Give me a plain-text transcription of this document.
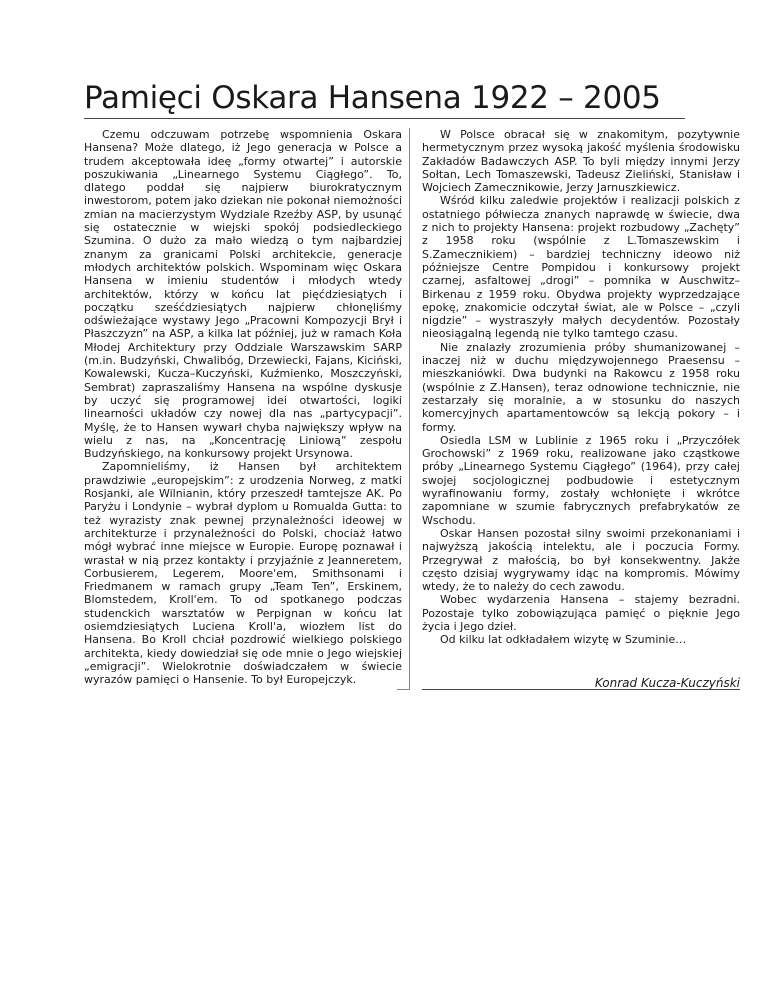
Pamięci Oskara Hansena 1922 – 2005

Czemu odczuwam potrzebę wspomnienia Oskara Hansena? Może dlatego, iż Jego generacja w Polsce a trudem akceptowała ideę „formy otwartej” i autorskie poszukiwania „Linearnego Systemu Ciągłego”. To, dlatego poddał się najpierw biurokratycznym inwestorom, potem jako dziekan nie pokonał niemożności zmian na macierzystym Wydziale Rzeźby ASP, by usunąć się ostatecznie w wiejski spokój podsiedleckiego Szumina. O dużo za mało wiedzą o tym najbardziej znanym za granicami Polski architekcie, generacje młodych architektów polskich. Wspominam więc Oskara Hansena w imieniu studentów i młodych wtedy architektów, którzy w końcu lat pięćdziesiątych i początku sześćdziesiątych najpierw chłonęliśmy odświeżające wystawy Jego „Pracowni Kompozycji Brył i Płaszczyzn” na ASP, a kilka lat później, już w ramach Koła Młodej Architektury przy Oddziale Warszawskim SARP (m.in. Budzyński, Chwalibóg, Drzewiecki, Fajans, Kiciński, Kowalewski, Kucza–Kuczyński, Kuźmienko, Moszczyński, Sembrat) zapraszaliśmy Hansena na wspólne dyskusje by uczyć się programowej idei otwartości, logiki linearności układów czy nowej dla nas „partycypacji”. Myślę, że to Hansen wywarł chyba największy wpływ na wielu z nas, na „Koncentrację Liniową” zespołu Budzyńskiego, na konkursowy projekt Ursynowa.

Zapomnieliśmy, iż Hansen był architektem prawdziwie „europejskim”: z urodzenia Norweg, z matki Rosjanki, ale Wilnianin, który przeszedł tamtejsze AK. Po Paryżu i Londynie – wybrał dyplom u Romualda Gutta: to też wyrazisty znak pewnej przynależności ideowej w architekturze i przynależności do Polski, chociaż łatwo mógł wybrać inne miejsce w Europie. Europę poznawał i wrastał w nią przez kontakty i przyjaźnie z Jeanneretem, Corbusierem, Legerem, Moore'em, Smithsonami i Friedmanem w ramach grupy „Team Ten”, Erskinem, Blomstedem, Kroll'em. To od spotkanego podczas studenckich warsztatów w Perpignan w końcu lat osiemdziesiątych Luciena Kroll'a, wiozłem list do Hansena. Bo Kroll chciał pozdrowić wielkiego polskiego architekta, kiedy dowiedział się ode mnie o Jego wiejskiej „emigracji”. Wielokrotnie doświadczałem w świecie wyrazów pamięci o Hansenie. To był Europejczyk.

W Polsce obracał się w znakomitym, pozytywnie hermetycznym przez wysoką jakość myślenia środowisku Zakładów Badawczych ASP. To byli między innymi Jerzy Sołtan, Lech Tomaszewski, Tadeusz Zieliński, Stanisław i Wojciech Zamecznikowie, Jerzy Jarnuszkiewicz.

Wśród kilku zaledwie projektów i realizacji polskich z ostatniego półwiecza znanych naprawdę w świecie, dwa z nich to projekty Hansena: projekt rozbudowy „Zachęty” z 1958 roku (wspólnie z L.Tomaszewskim i S.Zamecznikiem) – bardziej techniczny ideowo niż późniejsze Centre Pompidou i konkursowy projekt czarnej, asfaltowej „drogi” – pomnika w Auschwitz–Birkenau z 1959 roku. Obydwa projekty wyprzedzające epokę, znakomicie odczytał świat, ale w Polsce – „czyli nigdzie” – wystraszyły małych decydentów. Pozostały nieosiągalną legendą nie tylko tamtego czasu.

Nie znalazły zrozumienia próby shumanizowanej – inaczej niż w duchu międzywojennego Praesensu – mieszkaniówki. Dwa budynki na Rakowcu z 1958 roku (wspólnie z Z.Hansen), teraz odnowione technicznie, nie zestarzały się moralnie, a w stosunku do naszych komercyjnych apartamentowców są lekcją pokory – i formy.

Osiedla LSM w Lublinie z 1965 roku i „Przyczółek Grochowski” z 1969 roku, realizowane jako cząstkowe próby „Linearnego Systemu Ciągłego” (1964), przy całej swojej socjologicznej podbudowie i estetycznym wyrafinowaniu formy, zostały wchłonięte i wkrótce zapomniane w szumie fabrycznych prefabrykatów ze Wschodu.

Oskar Hansen pozostał silny swoimi przekonaniami i najwyższą jakością intelektu, ale i poczucia Formy. Przegrywał z małością, bo był konsekwentny. Jakże często dzisiaj wygrywamy idąc na kompromis. Mówimy wtedy, że to należy do cech zawodu.

Wobec wydarzenia Hansena – stajemy bezradni. Pozostaje tylko zobowiązująca pamięć o pięknie Jego życia i Jego dzieł.

Od kilku lat odkładałem wizytę w Szuminie…

Konrad Kucza-Kuczyński
